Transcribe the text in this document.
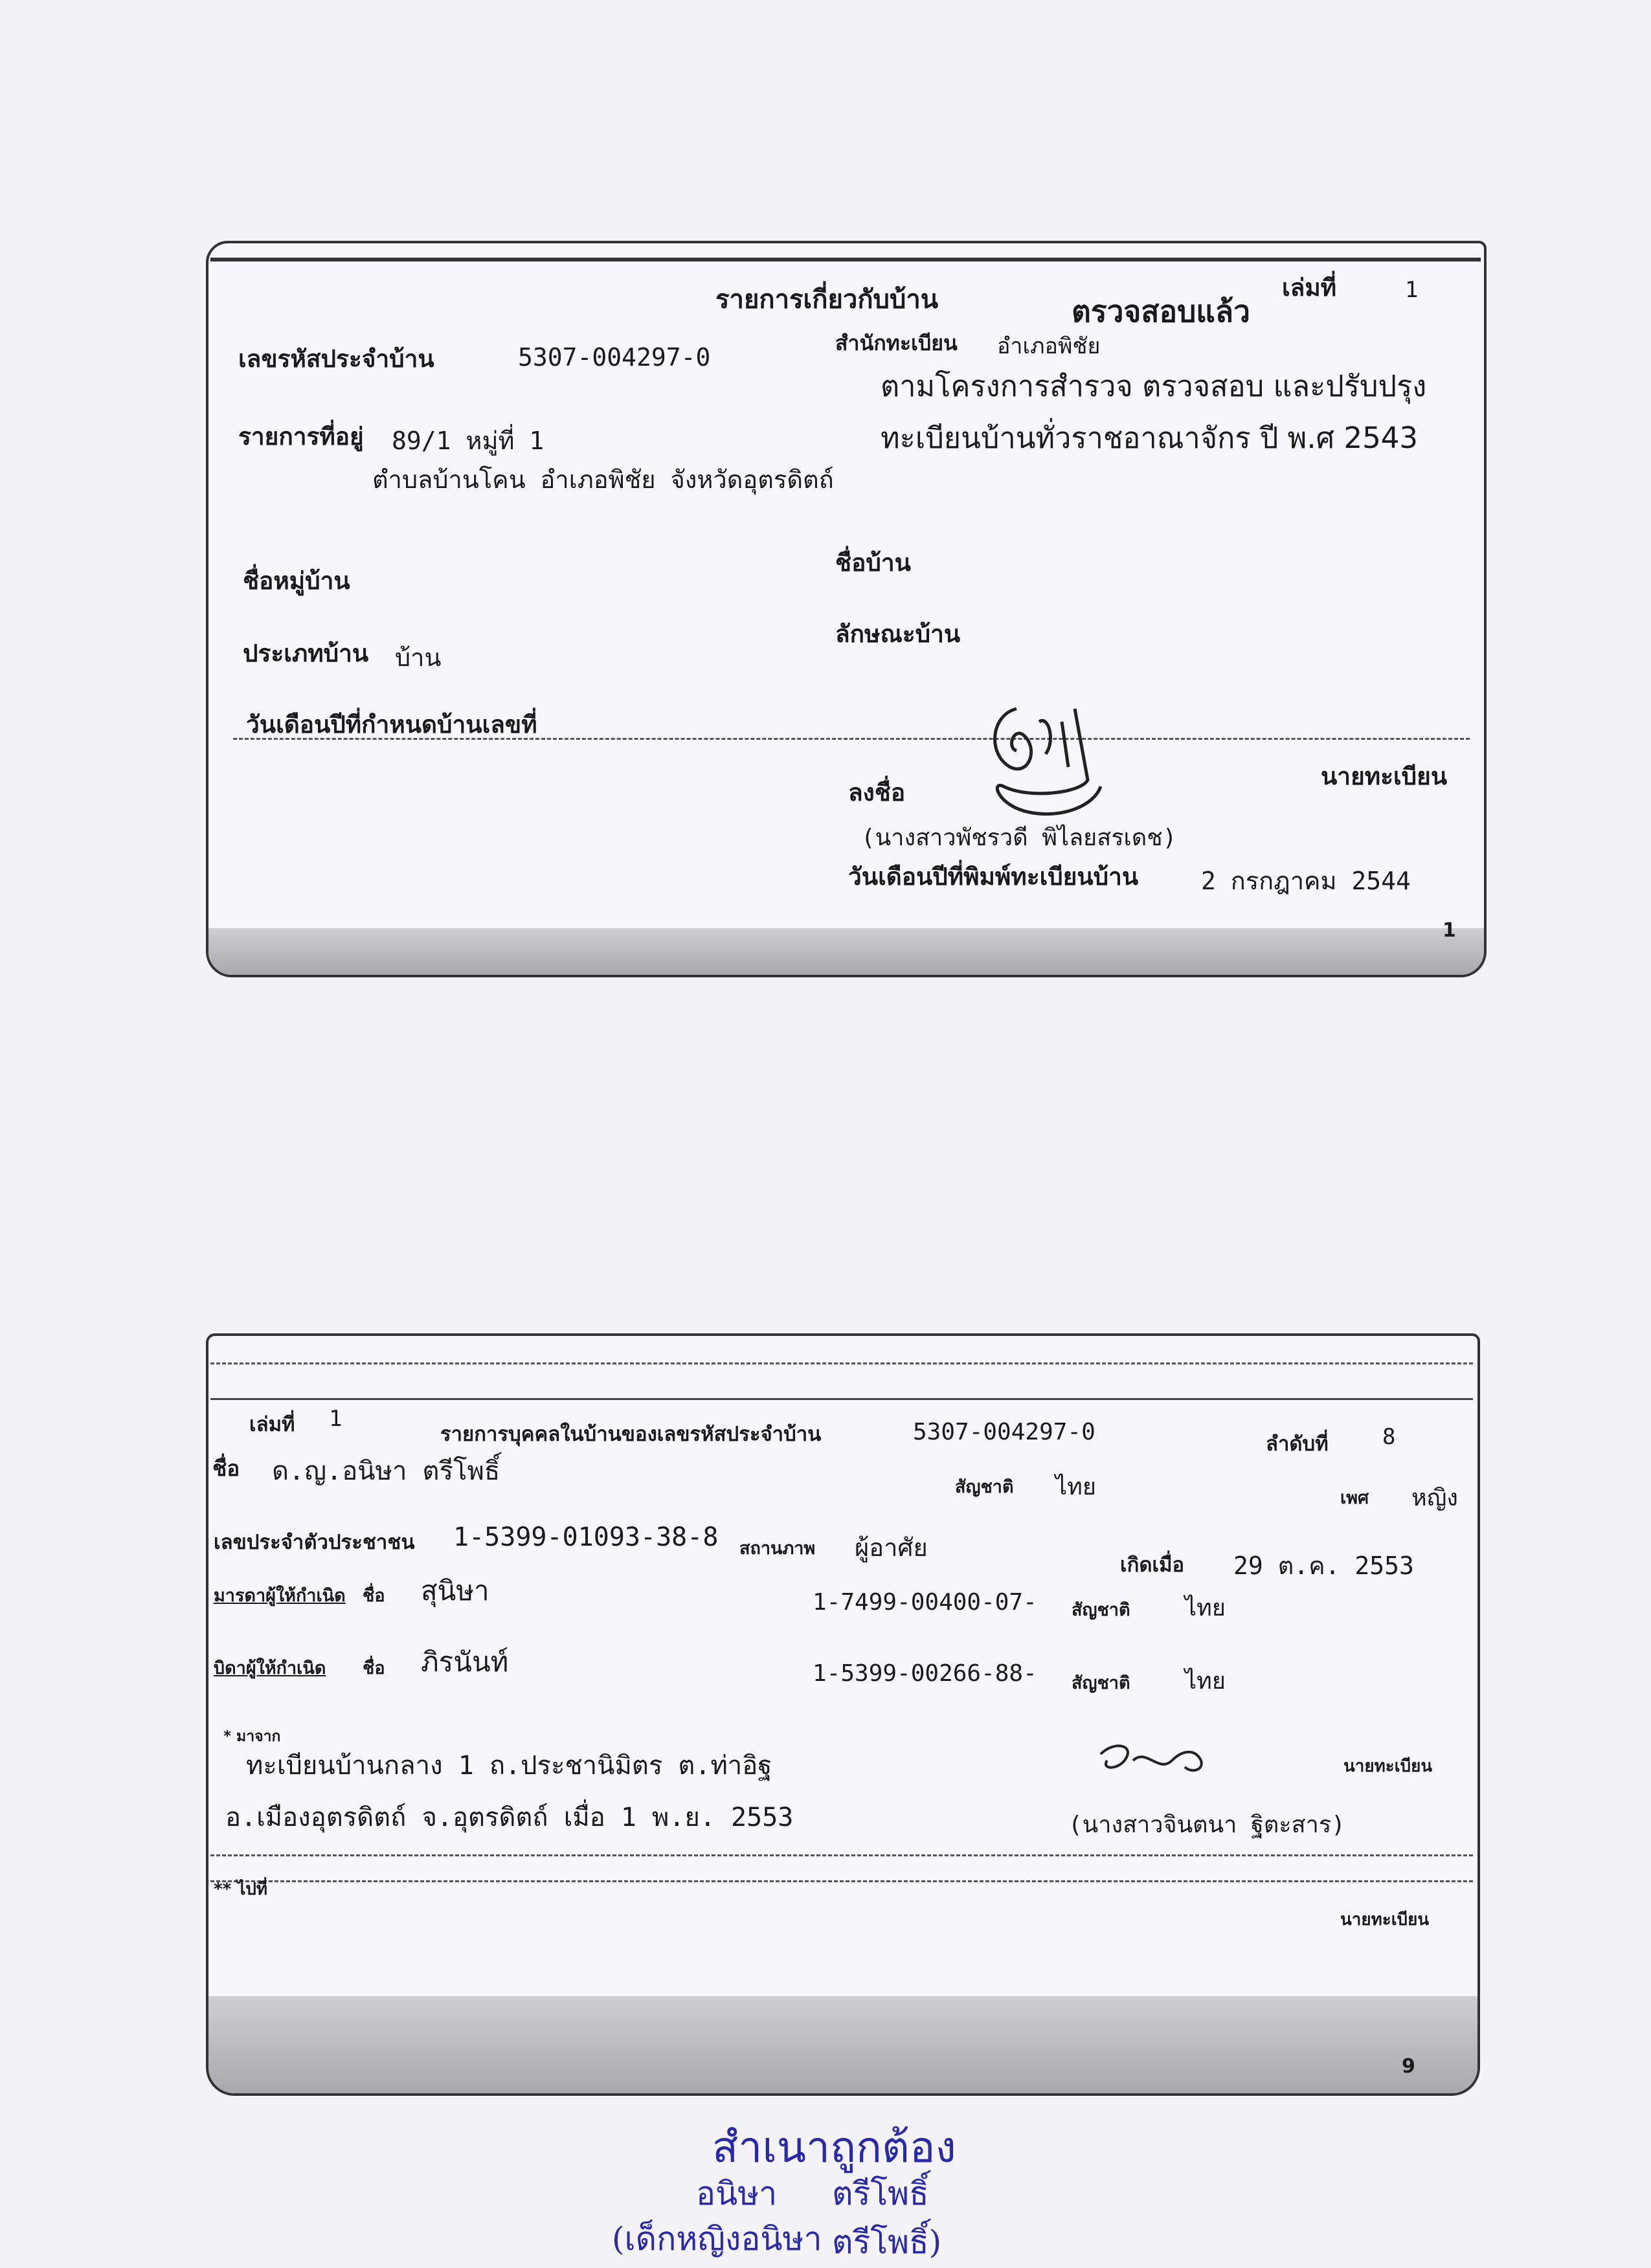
รายการเกี่ยวกับบ้าน	เล่มที่	1
ตรวจสอบแล้ว
สำนักทะเบียน อำเภอพิชัย
ตามโครงการสำรวจ ตรวจสอบ และปรับปรุง
ทะเบียนบ้านทั่วราชอาณาจักร ปี พ.ศ 2543
เลขรหัสประจำบ้าน	5307-004297-0
รายการที่อยู่ 89/1 หมู่ที่ 1
ตำบลบ้านโคน อำเภอพิชัย จังหวัดอุตรดิตถ์
ชื่อหมู่บ้าน
ชื่อบ้าน
ประเภทบ้าน บ้าน
ลักษณะบ้าน
วันเดือนปีที่กำหนดบ้านเลขที่
ลงชื่อ
นายทะเบียน
(นางสาวพัชรวดี พิไลยสรเดช)
วันเดือนปีที่พิมพ์ทะเบียนบ้าน	2 กรกฎาคม 2544
1
เล่มที่ 1
รายการบุคคลในบ้านของเลขรหัสประจำบ้าน	5307-004297-0	ลำดับที่ 8
ชื่อ ด.ญ.อนิษา ตรีโพธิ์
สัญชาติ ไทย	เพศ หญิง
เลขประจำตัวประชาชน 1-5399-01093-38-8 สถานภาพ ผู้อาศัย
เกิดเมื่อ 29 ต.ค. 2553
มารดาผู้ให้กำเนิด ชื่อ สุนิษา	1-7499-00400-07- สัญชาติ ไทย
บิดาผู้ให้กำเนิด ชื่อ ภิรนันท์	1-5399-00266-88- สัญชาติ ไทย
* มาจาก
ทะเบียนบ้านกลาง 1 ถ.ประชานิมิตร ต.ท่าอิฐ
อ.เมืองอุตรดิตถ์ จ.อุตรดิตถ์ เมื่อ 1 พ.ย. 2553
นายทะเบียน
(นางสาวจินตนา ฐิตะสาร)
** ไปที่
นายทะเบียน
9
สำเนาถูกต้อง
อนิษา ตรีโพธิ์
(เด็กหญิงอนิษา ตรีโพธิ์)
